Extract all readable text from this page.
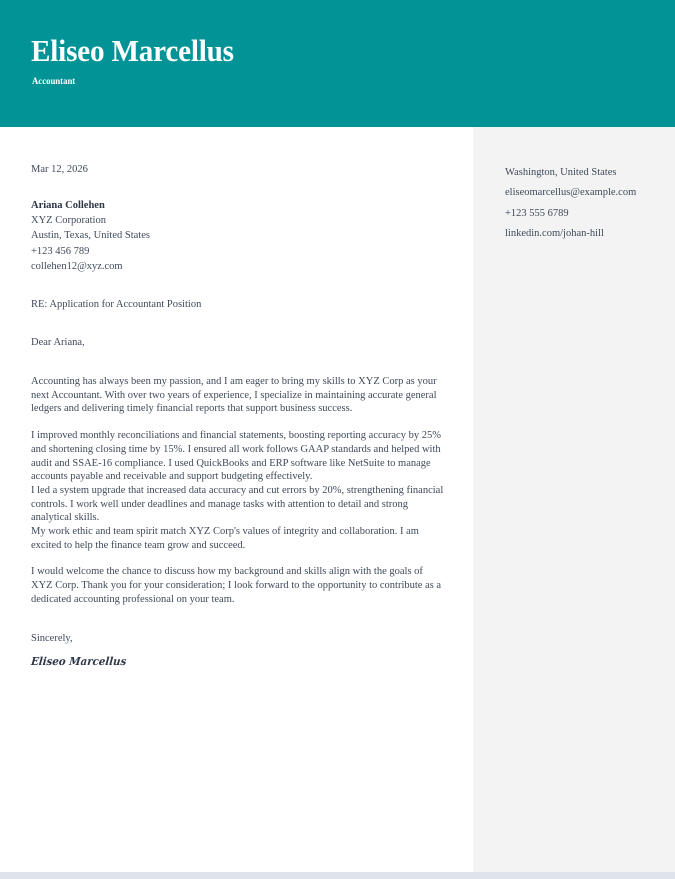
Eliseo Marcellus
Accountant
Mar 12, 2026
Ariana Collehen
XYZ Corporation
Austin, Texas, United States
+123 456 789
collehen12@xyz.com
RE: Application for Accountant Position
Dear Ariana,

Accounting has always been my passion, and I am eager to bring my skills to XYZ Corp as your next Accountant. With over two years of experience, I specialize in maintaining accurate general ledgers and delivering timely financial reports that support business success.

I improved monthly reconciliations and financial statements, boosting reporting accuracy by 25% and shortening closing time by 15%. I ensured all work follows GAAP standards and helped with audit and SSAE-16 compliance. I used QuickBooks and ERP software like NetSuite to manage accounts payable and receivable and support budgeting effectively.

I led a system upgrade that increased data accuracy and cut errors by 20%, strengthening financial controls. I work well under deadlines and manage tasks with attention to detail and strong analytical skills.

My work ethic and team spirit match XYZ Corp's values of integrity and collaboration. I am excited to help the finance team grow and succeed.

I would welcome the chance to discuss how my background and skills align with the goals of XYZ Corp. Thank you for your consideration; I look forward to the opportunity to contribute as a dedicated accounting professional on your team.

Sincerely,
Eliseo Marcellus
Washington, United States
eliseomarcellus@example.com
+123 555 6789
linkedin.com/johan-hill
